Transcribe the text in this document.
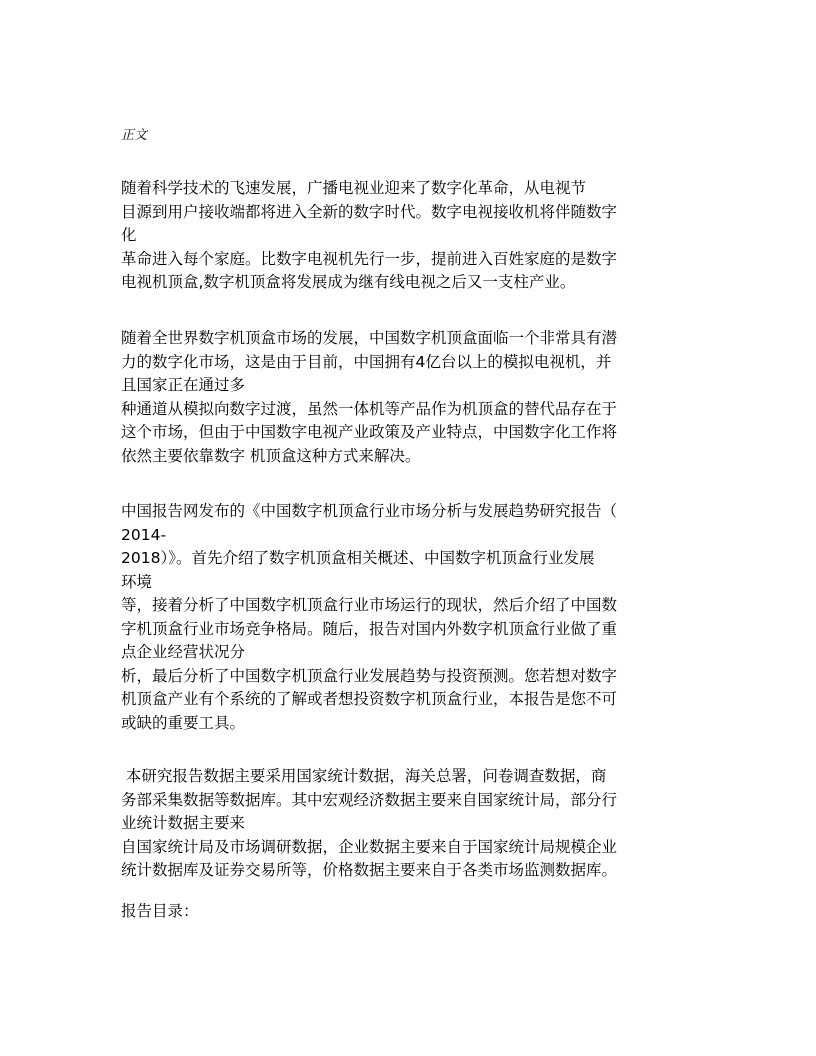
正文
随着科学技术的飞速发展，广播电视业迎来了数字化革命，从电视节
目源到用户接收端都将进入全新的数字时代。数字电视接收机将伴随数字
化
革命进入每个家庭。比数字电视机先行一步，提前进入百姓家庭的是数字
电视机顶盒,数字机顶盒将发展成为继有线电视之后又一支柱产业。
随着全世界数字机顶盒市场的发展，中国数字机顶盒面临一个非常具有潜
力的数字化市场，这是由于目前，中国拥有4亿台以上的模拟电视机，并
且国家正在通过多
种通道从模拟向数字过渡，虽然一体机等产品作为机顶盒的替代品存在于
这个市场，但由于中国数字电视产业政策及产业特点，中国数字化工作将
依然主要依靠数字 机顶盒这种方式来解决。
中国报告网发布的《中国数字机顶盒行业市场分析与发展趋势研究报告（
2014-
2018）》。首先介绍了数字机顶盒相关概述、中国数字机顶盒行业发展
环境
等，接着分析了中国数字机顶盒行业市场运行的现状，然后介绍了中国数
字机顶盒行业市场竞争格局。随后，报告对国内外数字机顶盒行业做了重
点企业经营状况分
析，最后分析了中国数字机顶盒行业发展趋势与投资预测。您若想对数字
机顶盒产业有个系统的了解或者想投资数字机顶盒行业，本报告是您不可
或缺的重要工具。
本研究报告数据主要采用国家统计数据，海关总署，问卷调查数据，商
务部采集数据等数据库。其中宏观经济数据主要来自国家统计局，部分行
业统计数据主要来
自国家统计局及市场调研数据，企业数据主要来自于国家统计局规模企业
统计数据库及证券交易所等，价格数据主要来自于各类市场监测数据库。
报告目录：
